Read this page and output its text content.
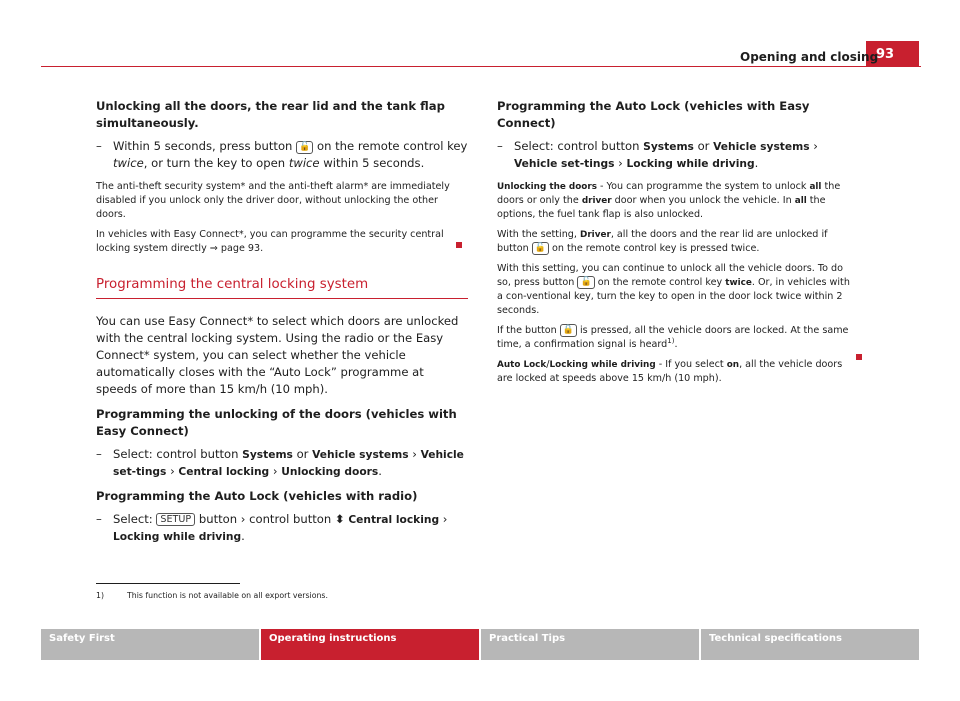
93
Opening and closing

Unlocking all the doors, the rear lid and the tank flap simultaneously.

– Within 5 seconds, press button 🔓 on the remote control key twice, or turn the key to open twice within 5 seconds.

The anti-theft security system* and the anti-theft alarm* are immediately disabled if you unlock only the driver door, without unlocking the other doors.

In vehicles with Easy Connect*, you can programme the security central locking system directly ⇒ page 93.

Programming the central locking system

You can use Easy Connect* to select which doors are unlocked with the central locking system. Using the radio or the Easy Connect* system, you can select whether the vehicle automatically closes with the “Auto Lock” programme at speeds of more than 15 km/h (10 mph).

Programming the unlocking of the doors (vehicles with Easy Connect)

– Select: control button Systems or Vehicle systems › Vehicle set-tings › Central locking › Unlocking doors.

Programming the Auto Lock (vehicles with radio)

– Select: SETUP button › control button ⬍ Central locking › Locking while driving.

Programming the Auto Lock (vehicles with Easy Connect)

– Select: control button Systems or Vehicle systems › Vehicle set-tings › Locking while driving.

Unlocking the doors - You can programme the system to unlock all the doors or only the driver door when you unlock the vehicle. In all the options, the fuel tank flap is also unlocked.

With the setting, Driver, all the doors and the rear lid are unlocked if button 🔓 on the remote control key is pressed twice.

With this setting, you can continue to unlock all the vehicle doors. To do so, press button 🔓 on the remote control key twice. Or, in vehicles with a con-ventional key, turn the key to open in the door lock twice within 2 seconds.

If the button 🔒 is pressed, all the vehicle doors are locked. At the same time, a confirmation signal is heard$^{1)}$.

Auto Lock/Locking while driving - If you select on, all the vehicle doors are locked at speeds above 15 km/h (10 mph).

1)	This function is not available on all export versions.
Safety First	Operating instructions	Practical Tips	Technical specifications
